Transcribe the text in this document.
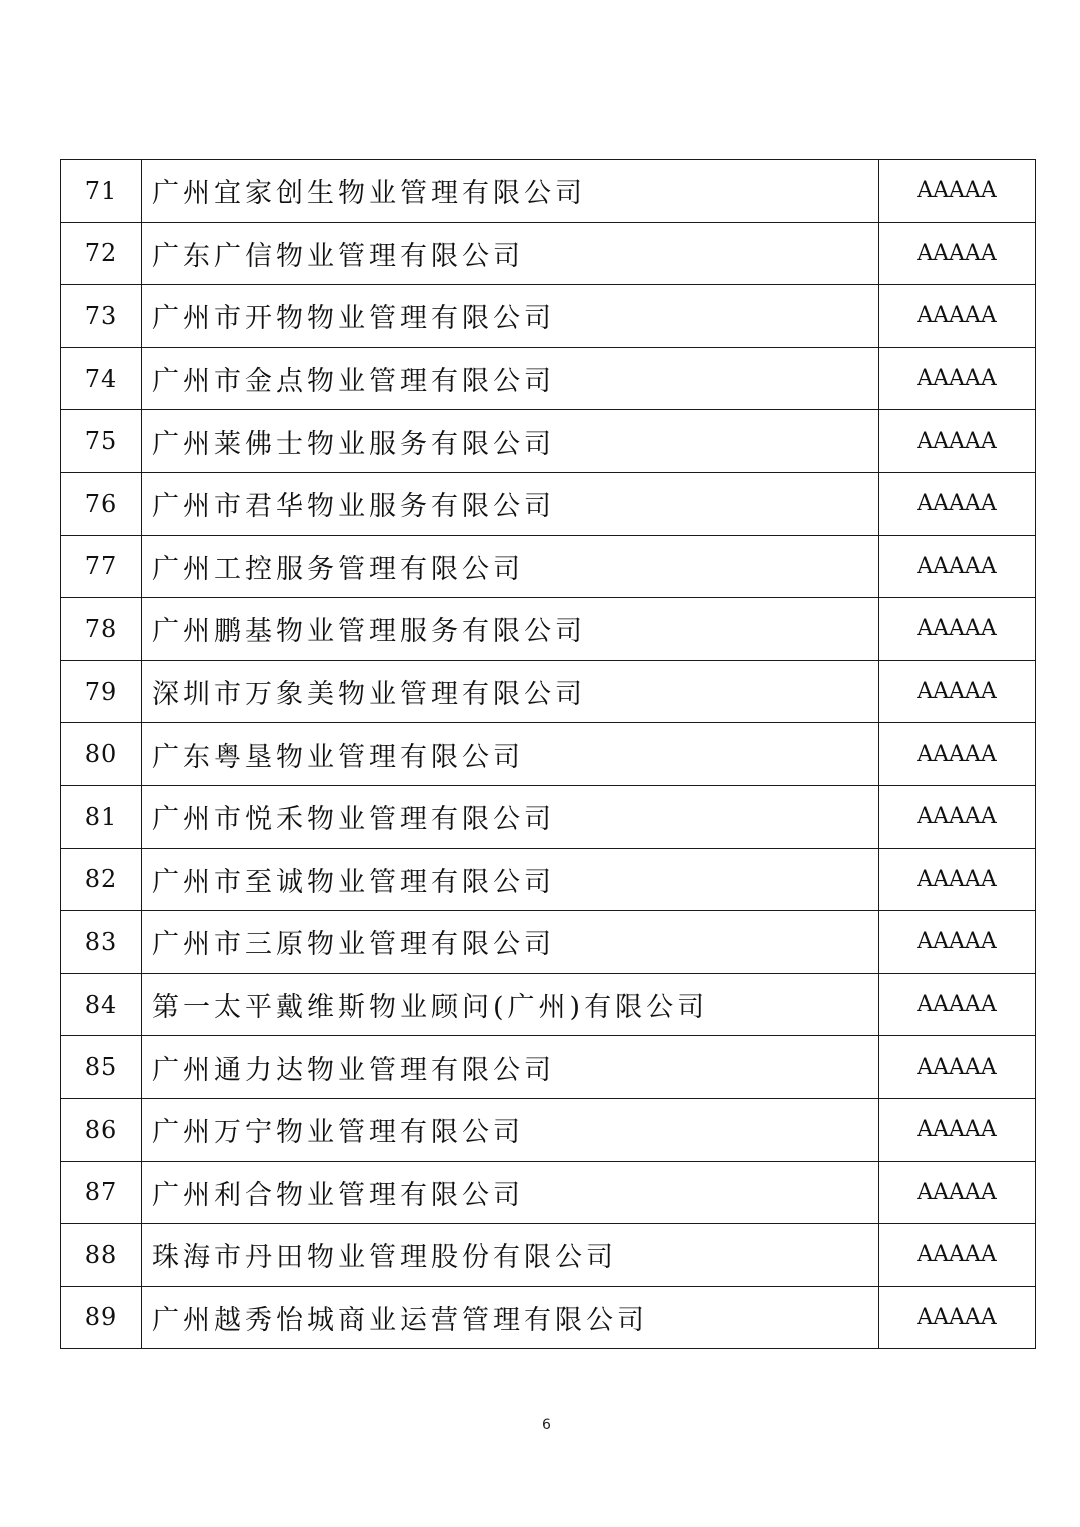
71	广州宜家创生物业管理有限公司	AAAAA
72	广东广信物业管理有限公司	AAAAA
73	广州市开物物业管理有限公司	AAAAA
74	广州市金点物业管理有限公司	AAAAA
75	广州莱佛士物业服务有限公司	AAAAA
76	广州市君华物业服务有限公司	AAAAA
77	广州工控服务管理有限公司	AAAAA
78	广州鹏基物业管理服务有限公司	AAAAA
79	深圳市万象美物业管理有限公司	AAAAA
80	广东粤垦物业管理有限公司	AAAAA
81	广州市悦禾物业管理有限公司	AAAAA
82	广州市至诚物业管理有限公司	AAAAA
83	广州市三原物业管理有限公司	AAAAA
84	第一太平戴维斯物业顾问(广州)有限公司	AAAAA
85	广州通力达物业管理有限公司	AAAAA
86	广州万宁物业管理有限公司	AAAAA
87	广州利合物业管理有限公司	AAAAA
88	珠海市丹田物业管理股份有限公司	AAAAA
89	广州越秀怡城商业运营管理有限公司	AAAAA
6
